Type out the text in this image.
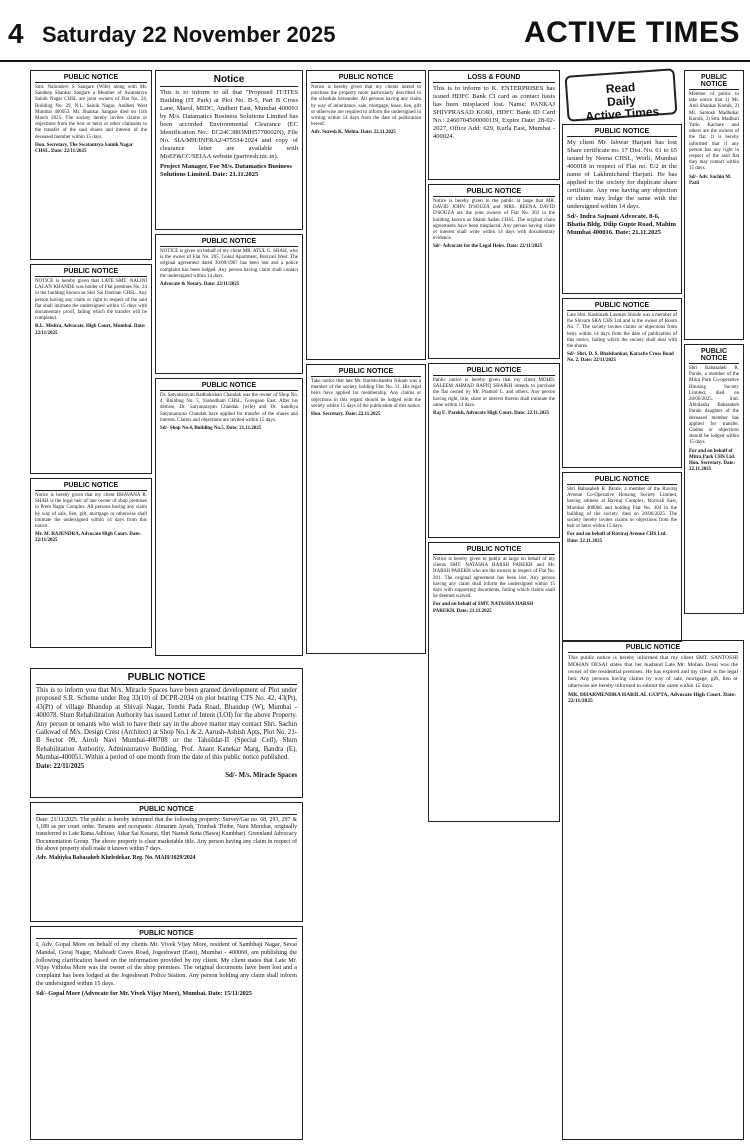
4 Saturday 22 November 2025	ACTIVE TIMES
Read
Daily
Active Times
PUBLIC NOTICE
Smt. Nalinidevi S Sangare (Wife) along with Mr. Sandeep Shankar Sangare a Member of Swatantrya Sainik Nagar CHSL are joint owners of Flat No. 24, Building No. 29, N.L. Sainik Nagar, Andheri West Mumbai 400053. Mr. Shankar Sangare died on 11th March 2025. The society hereby invites claims or objections from the heir or heirs or other claimants to the transfer of the said shares and interest of the deceased member within 15 days.
Hon. Secretary, The Swatantrya Sainik Nagar CHSL. Date: 22/11/2025
PUBLIC NOTICE
NOTICE is hereby given that LATE SMT. NALINI LALAN KHANDE was holder of Flat premises No. 24 in the building known as Shri Sai Darshan CHSL. Any person having any claim or right in respect of the said flat shall intimate the undersigned within 15 days with documentary proof, failing which the transfer will be completed.
R.L. Mishra, Advocate, High Court, Mumbai. Date: 22/11/2025
PUBLIC NOTICE
Notice is hereby given that my client BHAVANA R. SHAH is the legal heir of late owner of shop premises in Prem Nagar Complex. All persons having any claim by way of sale, lien, gift, mortgage or otherwise shall intimate the undersigned within 14 days from this notice.
Mr. M. RAJENDRA, Advocate High Court. Date: 22/11/2025
Notice
This is to inform to all that "Proposed IT/ITES Building (IT Park) at Plot No. B-5, Part B Cross Lane, Marol, MIDC, Andheri East, Mumbai 400093 by M/s. Datamatics Business Solutions Limited has been accorded Environmental Clearance (EC Identification No.: EC24C3803MH5778602N), File No. SIA/MH/INFRA2/475534/2024 and copy of clearance letter are available with MoEF&CC/SEIAA website (parivesh.nic.in).
Project Manager, For M/s. Datamatics Business Solutions Limited. Date: 21.11.2025
PUBLIC NOTICE
NOTICE is given on behalf of my client MR. ATUL G. SHAH, who is the owner of Flat No. 205, Gokul Apartment, Borivali West. The original agreement dated 30/09/1987 has been lost and a police complaint has been lodged. Any person having claim shall contact the undersigned within 14 days.
Advocate & Notary. Date: 22/11/2025
PUBLIC NOTICE
Dr. Satyanarayan Radhakishan Chandak was the owner of Shop No. 4, Building No. 5, Yashodham CHSL, Goregaon East. After his demise, Dr. Satyanarayan Chandak (wife) and Dr. Sandhya Satyanarayan Chandak have applied for transfer of the shares and interest. Claims and objections are invited within 15 days.
Sd/- Shop No.4, Building No.5. Date: 21.11.2025
PUBLIC NOTICE
Notice is hereby given that my clients intend to purchase the property more particularly described in the schedule hereunder. All persons having any claim by way of inheritance, sale, mortgage, lease, lien, gift or otherwise are required to inform the undersigned in writing within 14 days from the date of publication hereof.
Adv. Suresh K. Mehta. Date: 22.11.2025
PUBLIC NOTICE
Take notice that late Mr. Harishchandra Nikam was a member of the society holding Flat No. 11. His legal heirs have applied for membership. Any claims or objections in this regard should be lodged with the society within 15 days of the publication of this notice.
Hon. Secretary. Date: 22.11.2025
LOSS & FOUND
This is to inform to K. ENTERPRISES has issued HDFC Bank CI card as contact basis has been misplaced lost. Name: PANKAJ SHIVPRASAD KORI, HDFC Bank ID Card No.: 2460704500000119, Expire Date: 28-02-2027, Office Add: 629, Kurla East, Mumbai - 400024.
PUBLIC NOTICE
Notice is hereby given to the public at large that MR. DAVID JOHN D'SOUZA and MRS. REENA DAVID D'SOUZA are the joint owners of Flat No. 302 in the building known as Shanti Sadan CHSL. The original chain agreements have been misplaced. Any person having claim or interest shall write within 14 days with documentary evidence.
Sd/- Advocate for the Legal Heirs. Date: 22/11/2025
PUBLIC NOTICE
Public notice is hereby given that my client MOHD. SALEEM AHMAD RAFIQ SHAIKH intends to purchase the flat owned by Mr. Pramod L. and others. Any person having right, title, share or interest therein shall intimate the same within 14 days.
Raj U. Parekh, Advocate High Court. Date: 22.11.2025
PUBLIC NOTICE
Notice is hereby given to public at large on behalf of my clients SMT. NATASHA HARSH PAREKH and Mr. HARSH PAREKH who are the owners in respect of Flat No. 201. The original agreement has been lost. Any person having any claim shall inform the undersigned within 15 days with supporting documents, failing which claims shall be deemed waived.
For and on behalf of SMT. NATASHA HARSH PAREKH. Date: 21.11.2025
PUBLIC NOTICE
My client Mr. Ishwar Harjani has lost Share certificate no. 17 Dist. No. 61 to 65 issued by Neena CHSL, Worli, Mumbai 400018 in respect of Flat no. E/2 in the name of Lakhmichand Harjani. He has applied to the society for duplicate share certificate. Any one having any objection or claim may lodge the same with the undersigned within 14 days.
Sd/- Indra Sajnani Advocate. 8-6, Bhatia Bldg, Dilip Gupte Road, Mahim Mumbai 400016. Date: 21.11.2025
PUBLIC NOTICE
Late Shri. Kashinath Laxman Shinde was a member of the Shivam SRA CHS Ltd and is the owner of Room No. 7. The society invites claims or objections from heirs within 14 days from the date of publication of this notice, failing which the society shall deal with the shares.
Sd/- Shri. D. S. Bhalshankar, Karache Cross Road No. 2. Date: 22/11/2025
PUBLIC NOTICE
Shri Babasaheb R. Parale, a member of the Raviraj Avenue Co-Operative Housing Society Limited, having address at Raviraj Complex, Borivali East, Mumbai 400066 and holding Flat No. 304 in the building of the society, died on 20/06/2025. The society hereby invites claims or objections from the heir or heirs within 15 days.
For and on behalf of Raviraj Avenue CHS Ltd. Date: 22.11.2025
PUBLIC NOTICE
Member of public to take notice that 1) Mr. Atul Shankar Karnik, 2) Mr. Santosh Madhukar Karnik, 3) Smt. Madhuri Yatin Kachare and others are the owners of the flat. It is hereby informed that if any person has any right in respect of the said flat they may contact within 15 days.
Sd/- Adv. Sachin M. Patil
PUBLIC NOTICE
Shri Babasaheb R. Parale, a member of the Mitra Park Co-operative Housing Society Limited, died on 20/06/2025. Smt. Abhilasha Babasaheb Parale daughter of the deceased member has applied for transfer. Claims or objections should be lodged within 15 days.
For and on behalf of Mitra Park CHS Ltd. Hon. Secretary. Date: 22.11.2025
PUBLIC NOTICE
This public notice is hereby informed that my client SMT. SANTOSHI MOHAN DESAI states that her husband Late Mr. Mohan Desai was the owner of the residential premises. He has expired and my client is the legal heir. Any persons having claims by way of sale, mortgage, gift, lien or otherwise are hereby informed to submit the same within 15 days.
MR. DHARMENDRA HARILAL GUPTA, Advocate High Court. Date: 22/11/2025
PUBLIC NOTICE
This is to inform you that M/s. Miracle Spaces have been granted development of Plot under proposed S.R. Scheme under Reg 33(10) of DCPR-2034 on plot bearing CTS No. 42, 43(Pt), 43(Pt) of village Bhandup at Shivaji Nagar, Tembi Pada Road, Bhandup (W), Mumbai - 400078. Slum Rehabilitation Authority has issued Letter of Intent (LOI) for the above Property. Any person or tenants who wish to have their say in the above matter may contact Shri. Sachin Gaikwad of M/s. Design Crest (Architect) at Shop No.1 & 2, Aarush-Ashish Apts, Plot No. 21-B Sector 09, Airoli Navi Mumbai-400708 or the Tahsildar-II (Special Cell), Slum Rehabilitation Authority, Administrative Building, Prof. Anant Kanekar Marg, Bandra (E), Mumbai-400051. Within a period of one month from the date of this public notice published.
Date: 22/11/2025
Sd/- M/s. Miracle Spaces
PUBLIC NOTICE
Date: 21/11/2025. The public is hereby informed that the following property: Survey/Gat no. 68, 293, 297 & 1,189 as per court order. Tenants and occupants: Atmaram Ayush, Trimbak Thube, Naru Muruhar, originally transferred to Late Rama Adhirao, Atkar Sai Kesarai, Shri Naresh Sutta (Bawaj Kumbhar). Greenland Advocacy Documentation Group. The above property is clear marketable title. Any person having any claim in respect of the above property shall make it known within 7 days.
Adv. Mahiyka Babasaheb Kheledekar. Reg. No. MAH/1029/2024
PUBLIC NOTICE
I, Adv. Gopal More on behalf of my clients Mr. Vivek Vijay More, resident of Sambhaji Nagar, Sevai Mandal, Goraj Nagar, Malwadi Caves Road, Jogeshwari (East), Mumbai - 400060, am publishing the following clarification based on the information provided by my client. My client states that Late Mr. Vijay Vithoba More was the owner of the shop premises. The original documents have been lost and a complaint has been lodged at the Jogeshwari Police Station. Any person holding any claim shall inform the undersigned within 15 days.
Sd/- Gopal More (Advocate for Mr. Vivek Vijay More), Mumbai. Date: 15/11/2025
